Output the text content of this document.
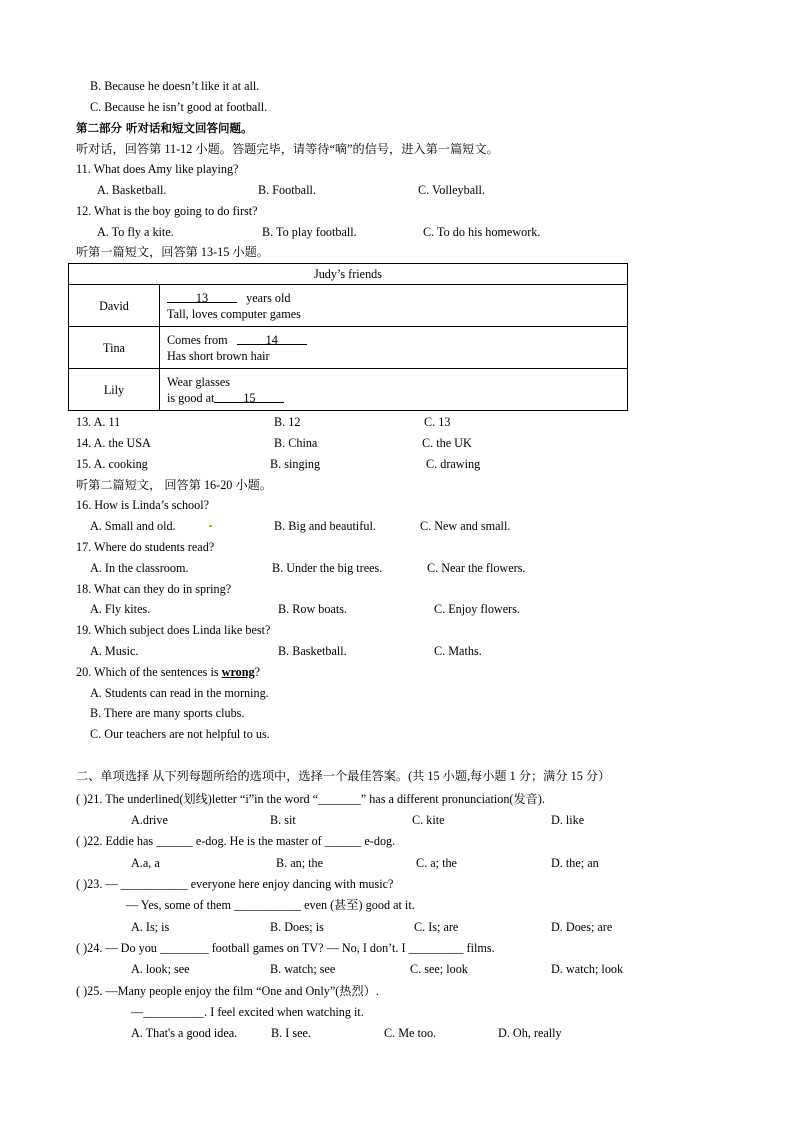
B. Because he doesn’t like it at all.
C. Because he isn’t good at football.
第二部分 听对话和短文回答问题。
听对话，回答第 11-12 小题。答题完毕，请等待“嘀”的信号，进入第一篇短文。
11. What does Amy like playing?
A. Basketball.	B. Football.	C. Volleyball.
12. What is the boy going to do first?
A. To fly a kite.	B. To play football.	C. To do his homework.
听第一篇短文，回答第 13-15 小题。
Judy’s friends	
David	13 years old
Tall, loves computer games

Tina	Comes from 14
Has short brown hair

Lily	Wear glasses
is good at 15
13. A. 11	B. 12	C. 13
14. A. the USA	B. China	C. the UK
15. A. cooking	B. singing	C. drawing
听第二篇短文， 回答第 16-20 小题。
16. How is Linda’s school?
A. Small and old.	B. Big and beautiful.	C. New and small.
17. Where do students read?
A. In the classroom.	B. Under the big trees.	C. Near the flowers.
18. What can they do in spring?
A. Fly kites.	B. Row boats.	C. Enjoy flowers.
19. Which subject does Linda like best?
A. Music.	B. Basketball.	C. Maths.
20. Which of the sentences is wrong?
A. Students can read in the morning.
B. There are many sports clubs.
C. Our teachers are not helpful to us.
二、单项选择 从下列每题所给的选项中，选择一个最佳答案。(共 15 小题,每小题 1 分；满分 15 分）
( )21. The underlined(划线)letter “i”in the word “_______” has a different pronunciation(发音).
A.drive	B. sit	C. kite	D. like
( )22. Eddie has ______ e-dog. He is the master of ______ e-dog.
A.a, a	B. an; the	C. a; the	D. the; an
( )23. — ___________ everyone here enjoy dancing with music?
— Yes, some of them ___________ even (甚至) good at it.
A. Is; is	B. Does; is	C. Is; are	D. Does; are
( )24. — Do you ________ football games on TV? — No, I don’t. I _________ films.
A. look; see	B. watch; see	C. see; look	D. watch; look
( )25. —Many people enjoy the film “One and Only”(热烈）.
—__________. I feel excited when watching it.
A. That's a good idea.	B. I see.	C. Me too.	D. Oh, really
